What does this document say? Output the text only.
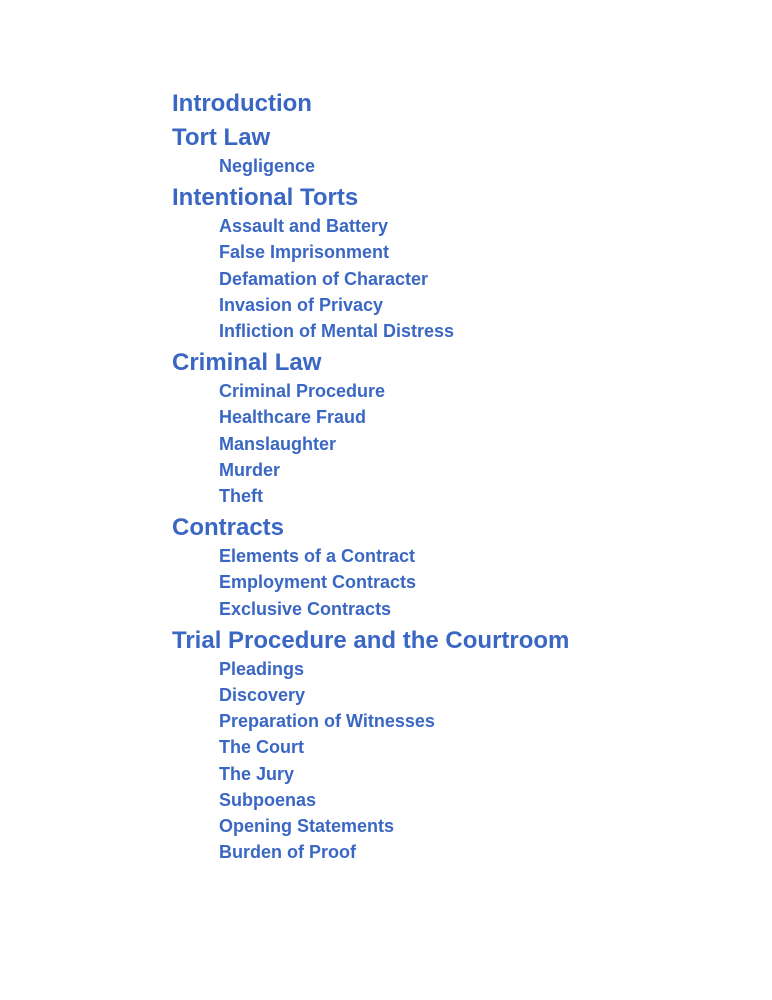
Introduction
Tort Law
Negligence
Intentional Torts
Assault and Battery
False Imprisonment
Defamation of Character
Invasion of Privacy
Infliction of Mental Distress
Criminal Law
Criminal Procedure
Healthcare Fraud
Manslaughter
Murder
Theft
Contracts
Elements of a Contract
Employment Contracts
Exclusive Contracts
Trial Procedure and the Courtroom
Pleadings
Discovery
Preparation of Witnesses
The Court
The Jury
Subpoenas
Opening Statements
Burden of Proof
